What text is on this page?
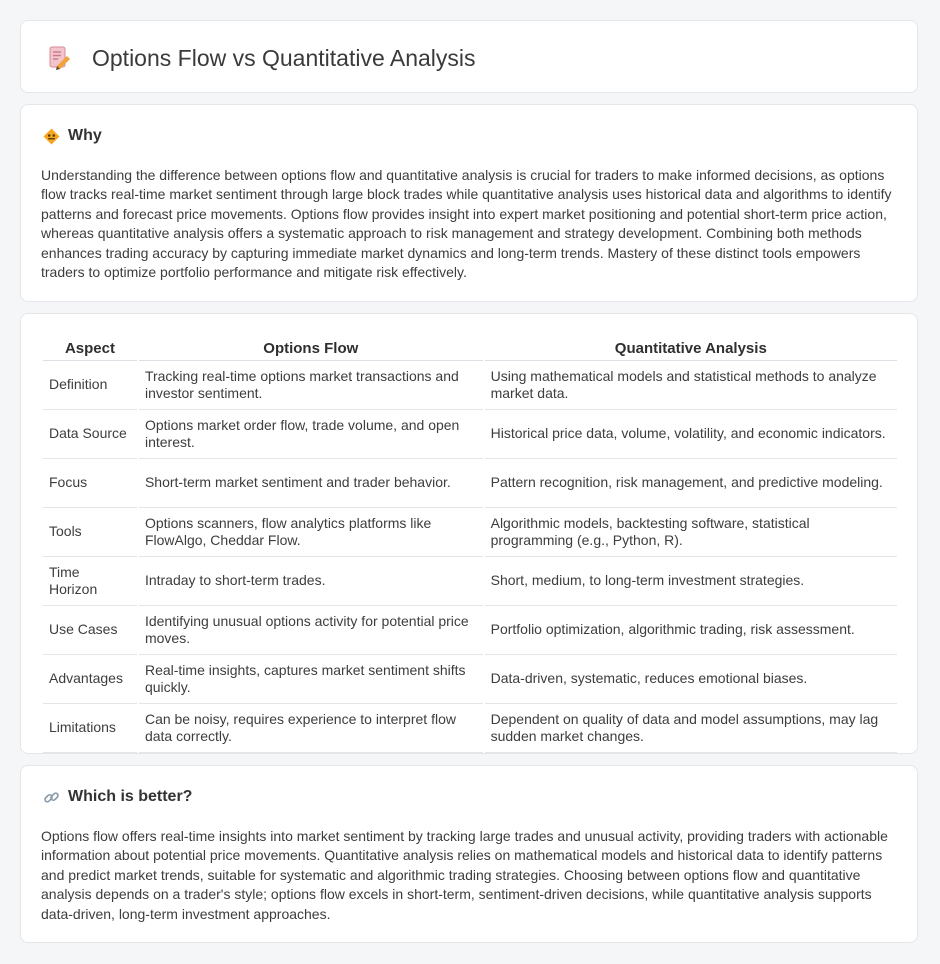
Options Flow vs Quantitative Analysis
Why

Understanding the difference between options flow and quantitative analysis is crucial for traders to make informed decisions, as options flow tracks real-time market sentiment through large block trades while quantitative analysis uses historical data and algorithms to identify patterns and forecast price movements. Options flow provides insight into expert market positioning and potential short-term price action, whereas quantitative analysis offers a systematic approach to risk management and strategy development. Combining both methods enhances trading accuracy by capturing immediate market dynamics and long-term trends. Mastery of these distinct tools empowers traders to optimize portfolio performance and mitigate risk effectively.

Aspect	Options Flow	Quantitative Analysis
Definition	Tracking real-time options market transactions and investor sentiment.	Using mathematical models and statistical methods to analyze market data.
Data Source	Options market order flow, trade volume, and open interest.	Historical price data, volume, volatility, and economic indicators.
Focus	Short-term market sentiment and trader behavior.	Pattern recognition, risk management, and predictive modeling.
Tools	Options scanners, flow analytics platforms like FlowAlgo, Cheddar Flow.	Algorithmic models, backtesting software, statistical programming (e.g., Python, R).
Time Horizon	Intraday to short-term trades.	Short, medium, to long-term investment strategies.
Use Cases	Identifying unusual options activity for potential price moves.	Portfolio optimization, algorithmic trading, risk assessment.
Advantages	Real-time insights, captures market sentiment shifts quickly.	Data-driven, systematic, reduces emotional biases.
Limitations	Can be noisy, requires experience to interpret flow data correctly.	Dependent on quality of data and model assumptions, may lag sudden market changes.
Which is better?

Options flow offers real-time insights into market sentiment by tracking large trades and unusual activity, providing traders with actionable information about potential price movements. Quantitative analysis relies on mathematical models and historical data to identify patterns and predict market trends, suitable for systematic and algorithmic trading strategies. Choosing between options flow and quantitative analysis depends on a trader's style; options flow excels in short-term, sentiment-driven decisions, while quantitative analysis supports data-driven, long-term investment approaches.
